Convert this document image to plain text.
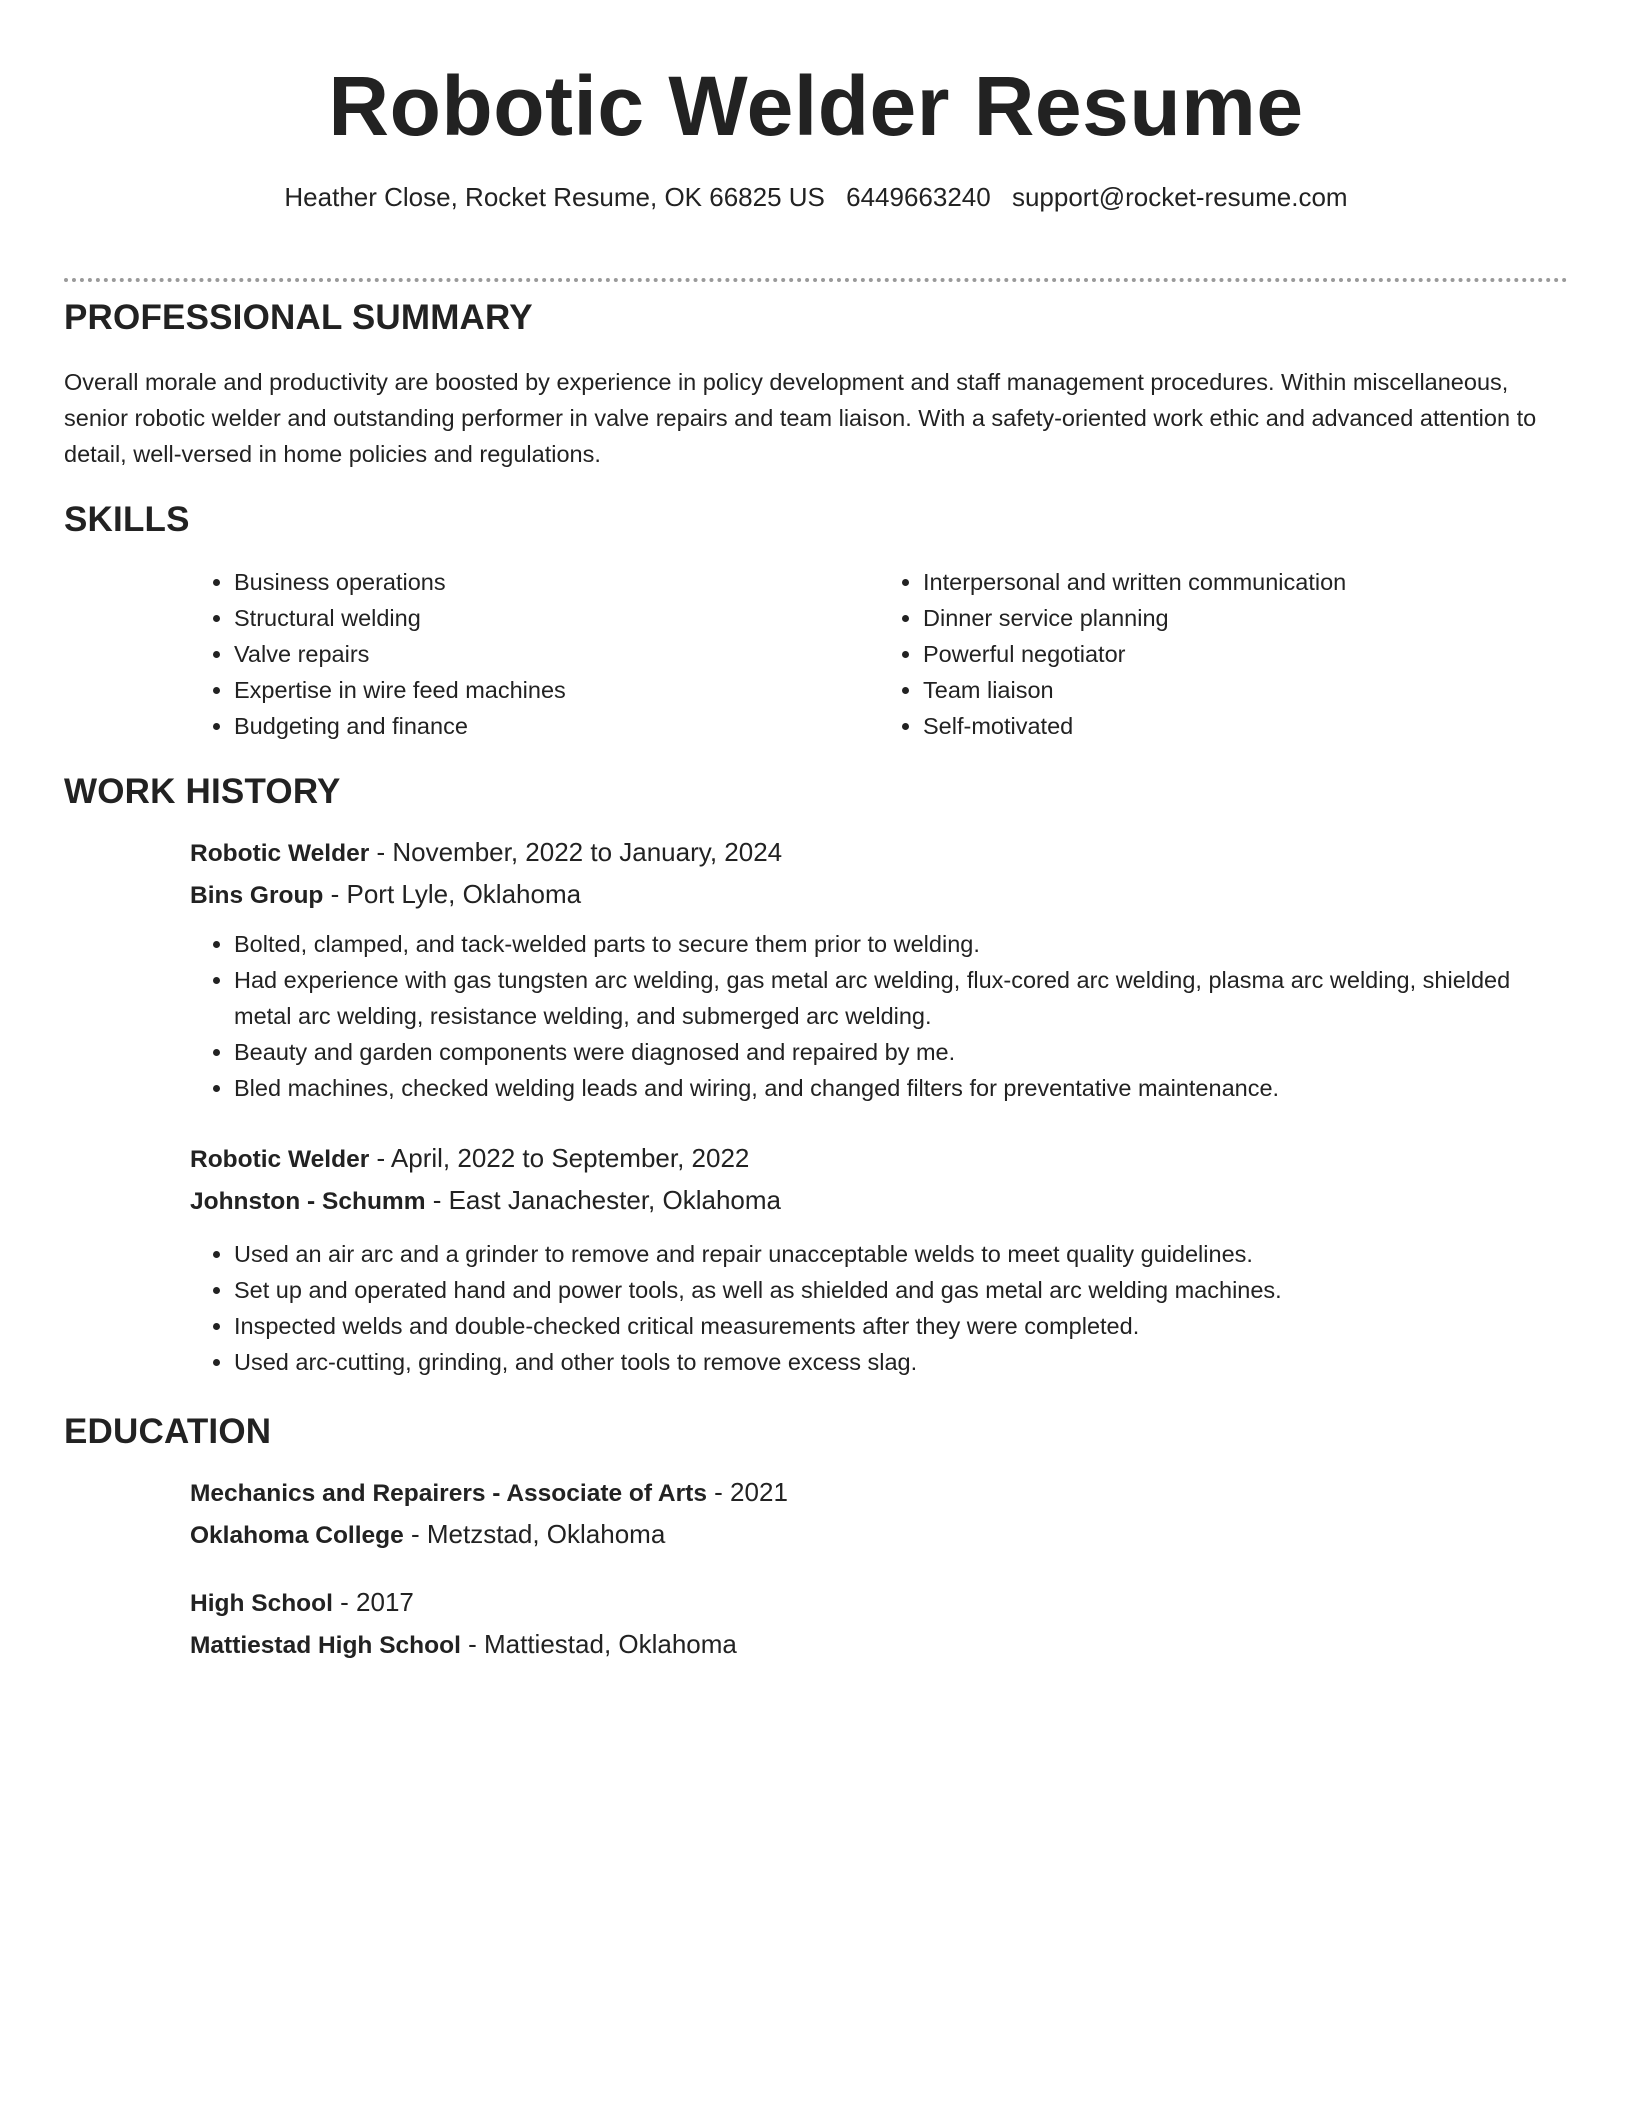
Robotic Welder Resume
Heather Close, Rocket Resume, OK 66825 US 6449663240 support@rocket-resume.com
PROFESSIONAL SUMMARY

Overall morale and productivity are boosted by experience in policy development and staff management procedures. Within miscellaneous, senior robotic welder and outstanding performer in valve repairs and team liaison. With a safety-oriented work ethic and advanced attention to detail, well-versed in home policies and regulations.

SKILLS
• Business operations
• Structural welding
• Valve repairs
• Expertise in wire feed machines
• Budgeting and finance
• Interpersonal and written communication
• Dinner service planning
• Powerful negotiator
• Team liaison
• Self-motivated
WORK HISTORY
Robotic Welder - November, 2022 to January, 2024
Bins Group - Port Lyle, Oklahoma
• Bolted, clamped, and tack-welded parts to secure them prior to welding.
• Had experience with gas tungsten arc welding, gas metal arc welding, flux-cored arc welding, plasma arc welding, shielded metal arc welding, resistance welding, and submerged arc welding.
• Beauty and garden components were diagnosed and repaired by me.
• Bled machines, checked welding leads and wiring, and changed filters for preventative maintenance.
Robotic Welder - April, 2022 to September, 2022
Johnston - Schumm - East Janachester, Oklahoma
• Used an air arc and a grinder to remove and repair unacceptable welds to meet quality guidelines.
• Set up and operated hand and power tools, as well as shielded and gas metal arc welding machines.
• Inspected welds and double-checked critical measurements after they were completed.
• Used arc-cutting, grinding, and other tools to remove excess slag.
EDUCATION
Mechanics and Repairers - Associate of Arts - 2021
Oklahoma College - Metzstad, Oklahoma
High School - 2017
Mattiestad High School - Mattiestad, Oklahoma
